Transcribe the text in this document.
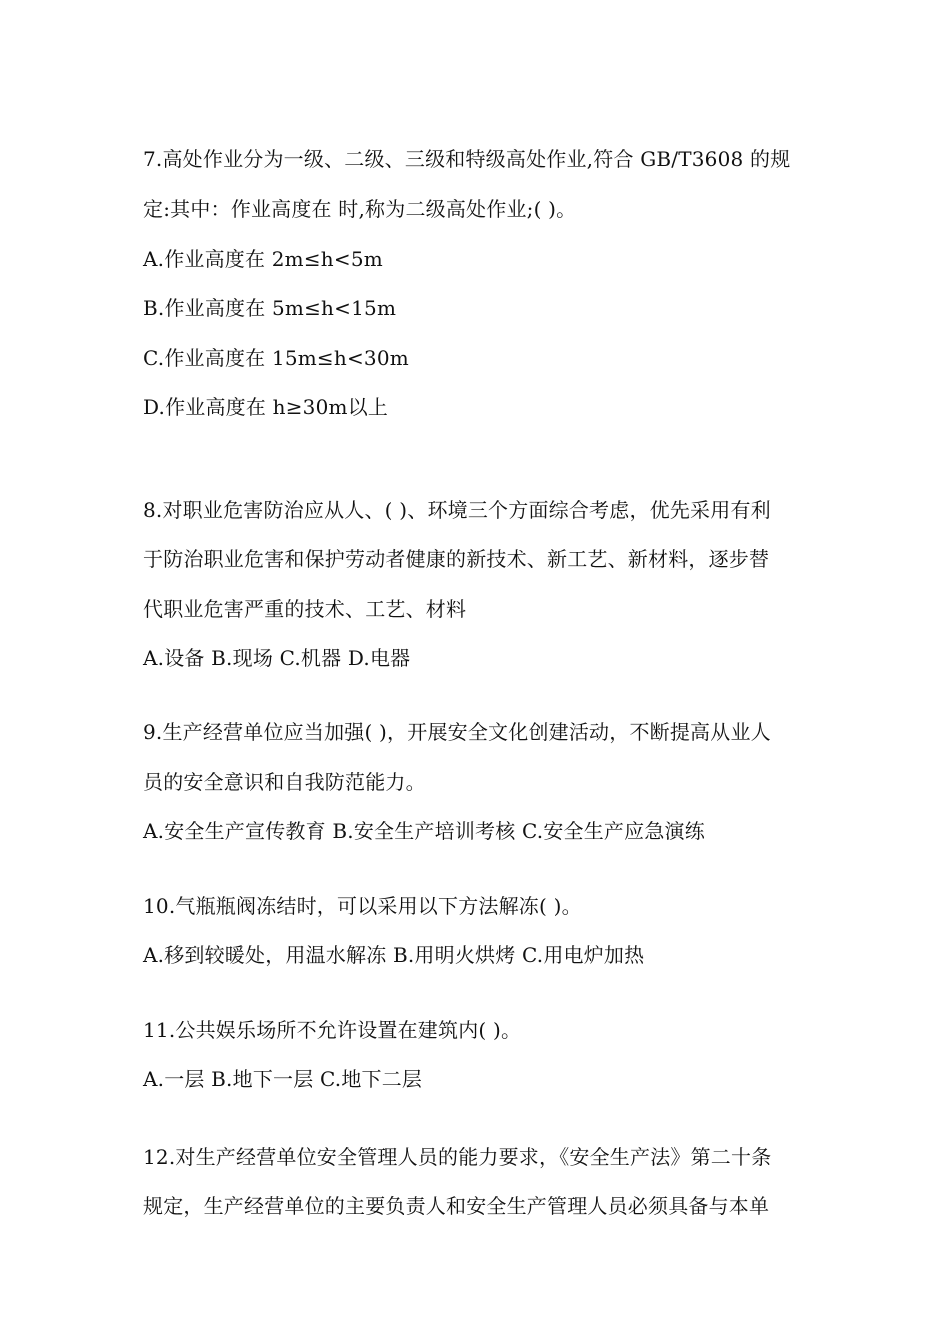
7.高处作业分为一级、二级、三级和特级高处作业,符合 GB/T3608 的规
定:其中：作业高度在 时,称为二级高处作业;( )。
A.作业高度在 2m≤h<5m
B.作业高度在 5m≤h<15m
C.作业高度在 15m≤h<30m
D.作业高度在 h≥30m以上
8.对职业危害防治应从人、( )、环境三个方面综合考虑，优先采用有利
于防治职业危害和保护劳动者健康的新技术、新工艺、新材料，逐步替
代职业危害严重的技术、工艺、材料
A.设备 B.现场 C.机器 D.电器
9.生产经营单位应当加强( )，开展安全文化创建活动，不断提高从业人
员的安全意识和自我防范能力。
A.安全生产宣传教育 B.安全生产培训考核 C.安全生产应急演练
10.气瓶瓶阀冻结时，可以采用以下方法解冻( )。
A.移到较暖处，用温水解冻 B.用明火烘烤 C.用电炉加热
11.公共娱乐场所不允许设置在建筑内( )。
A.一层 B.地下一层 C.地下二层
12.对生产经营单位安全管理人员的能力要求，《安全生产法》第二十条
规定，生产经营单位的主要负责人和安全生产管理人员必须具备与本单
